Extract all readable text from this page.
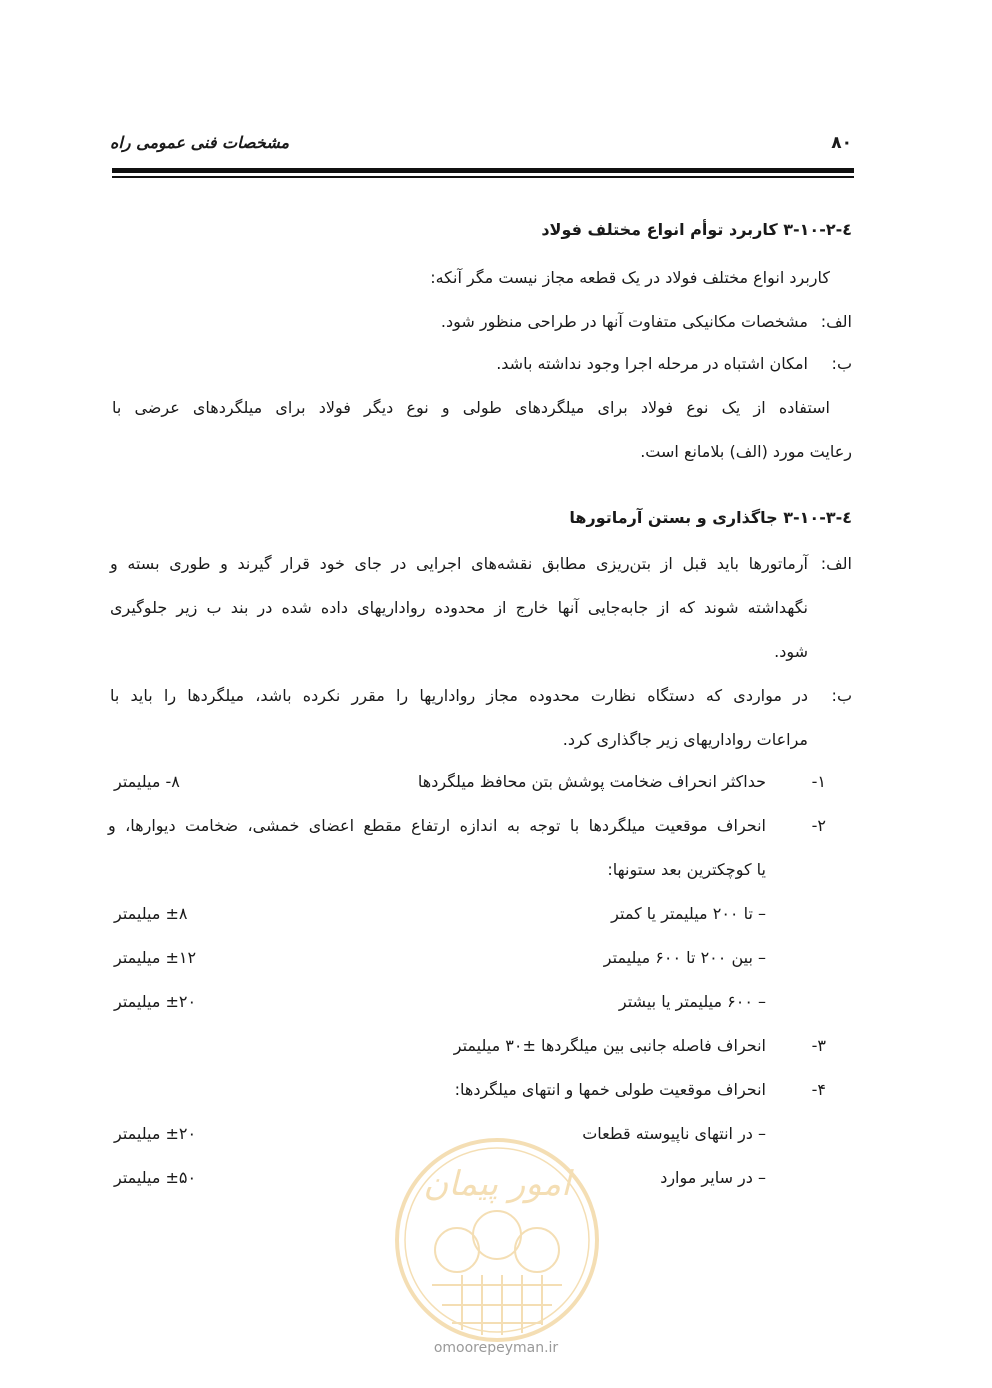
مشخصات فنی عمومی راه	۸۰
٤-۳-۱۰-۲ کاربرد توأم انواع مختلف فولاد
کاربرد انواع مختلف فولاد در یک قطعه مجاز نیست مگر آنکه:
الف:
مشخصات مکانیکی متفاوت آنها در طراحی منظور شود.
ب:
امکان اشتباه در مرحله اجرا وجود نداشته باشد.
استفاده از یک نوع فولاد برای میلگردهای طولی و نوع دیگر فولاد برای میلگردهای عرضی با
رعایت مورد (الف) بلامانع است.
٤-۳-۱۰-۳ جاگذاری و بستن آرماتورها
الف:
آرماتورها باید قبل از بتن‌ریزی مطابق نقشه‌های اجرایی در جای خود قرار گیرند و طوری بسته و
نگهداشته شوند که از جابه‌جایی آنها خارج از محدوده رواداریهای داده شده در بند ب زیر جلوگیری
شود.
ب:
در مواردی که دستگاه نظارت محدوده مجاز رواداریها را مقرر نکرده باشد، میلگردها را باید با
مراعات رواداریهای زیر جاگذاری کرد.
۱-
حداکثر انحراف ضخامت پوشش بتن محافظ میلگردها
۸- میلیمتر
۲-
انحراف موقعیت میلگردها با توجه به اندازه ارتفاع مقطع اعضای خمشی، ضخامت دیوارها، و
یا کوچکترین بعد ستونها:
– تا ۲۰۰ میلیمتر یا کمتر
±۸ میلیمتر
– بین ۲۰۰ تا ۶۰۰ میلیمتر
±۱۲ میلیمتر
– ۶۰۰ میلیمتر یا بیشتر
±۲۰ میلیمتر
۳-
انحراف فاصله جانبی بین میلگردها ±۳۰ میلیمتر
۴-
انحراف موقعیت طولی خمها و انتهای میلگردها:
– در انتهای ناپیوسته قطعات
±۲۰ میلیمتر
– در سایر موارد
±۵۰ میلیمتر	امور پیمان
omoorepeyman.ir
